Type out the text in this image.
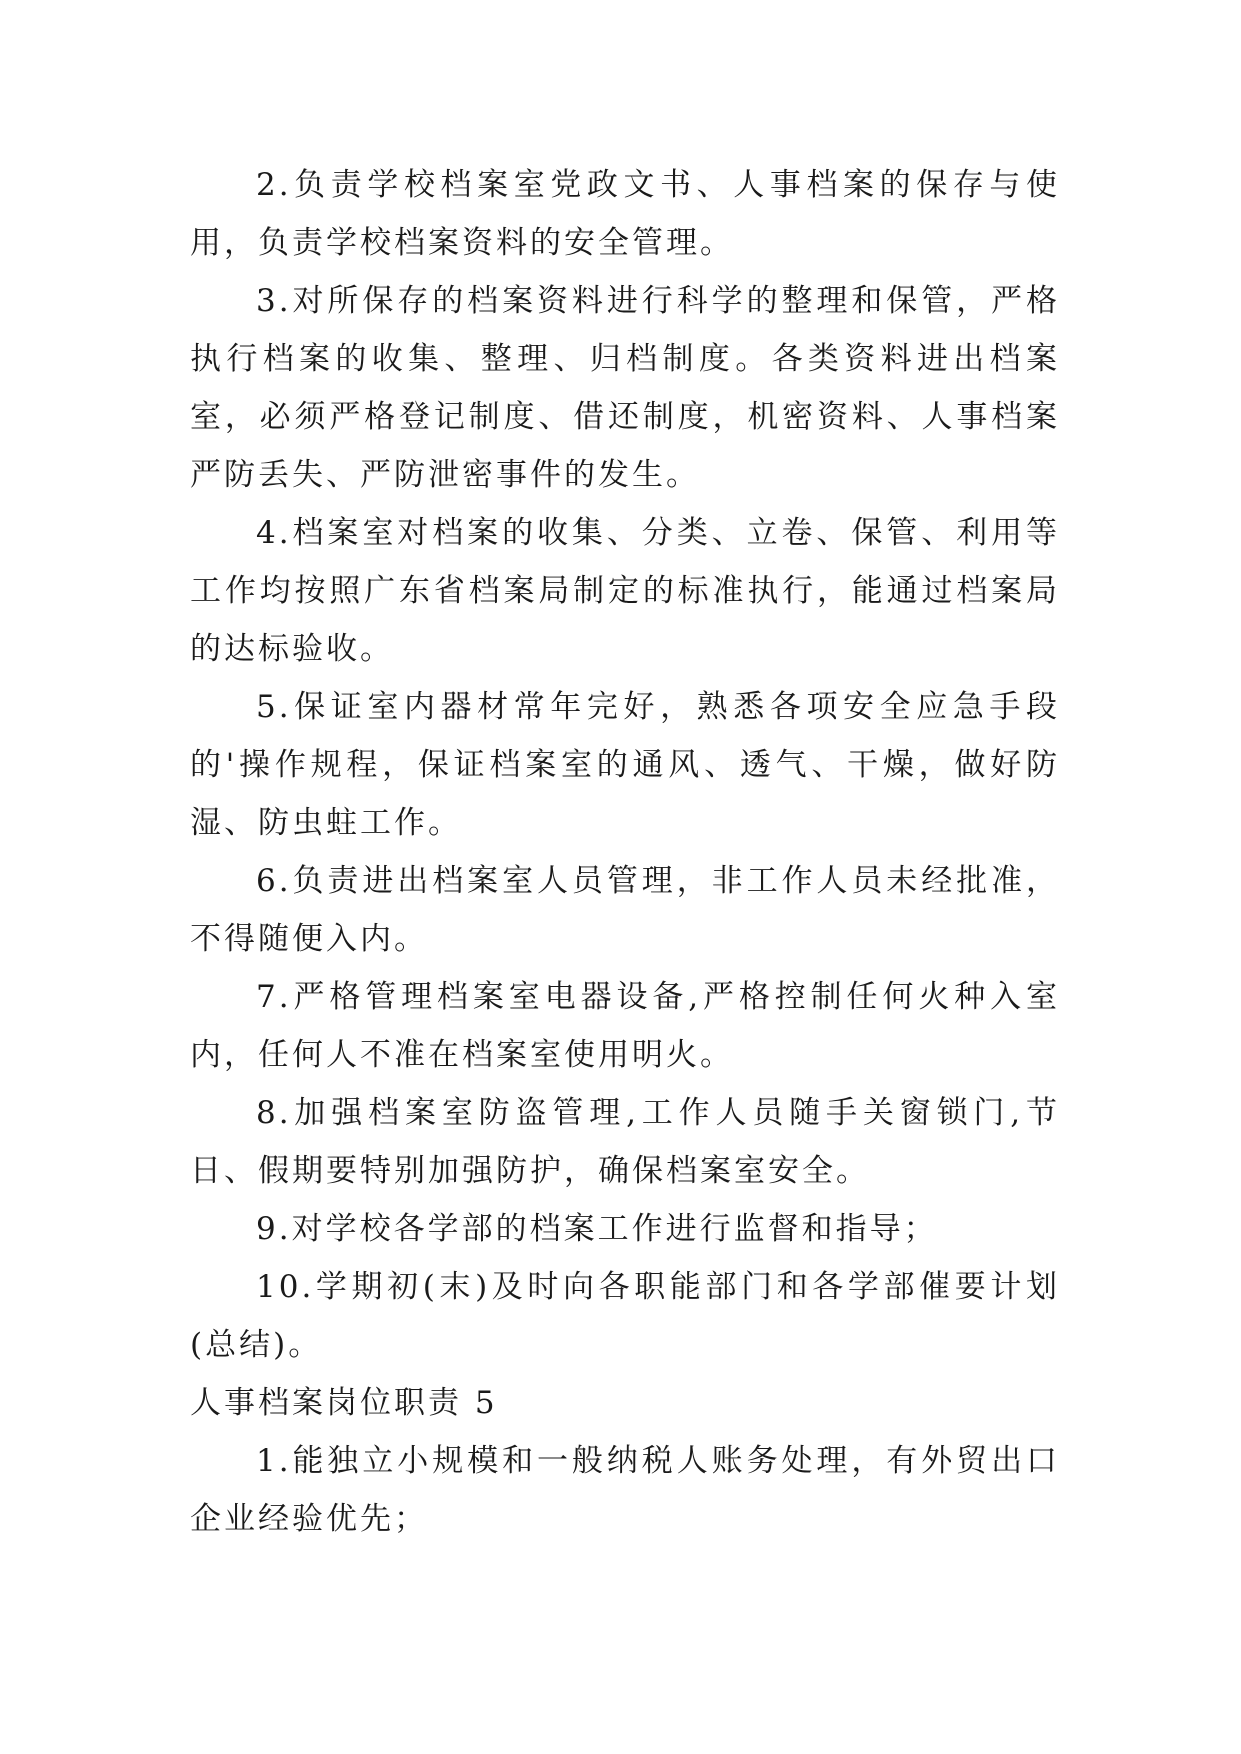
2.负责学校档案室党政文书、人事档案的保存与使用，负责学校档案资料的安全管理。

3.对所保存的档案资料进行科学的整理和保管，严格执行档案的收集、整理、归档制度。各类资料进出档案室，必须严格登记制度、借还制度，机密资料、人事档案严防丢失、严防泄密事件的发生。

4.档案室对档案的收集、分类、立卷、保管、利用等工作均按照广东省档案局制定的标准执行，能通过档案局的达标验收。

5.保证室内器材常年完好，熟悉各项安全应急手段的'操作规程，保证档案室的通风、透气、干燥，做好防湿、防虫蛀工作。

6.负责进出档案室人员管理，非工作人员未经批准，不得随便入内。

7.严格管理档案室电器设备,严格控制任何火种入室内，任何人不准在档案室使用明火。

8.加强档案室防盗管理,工作人员随手关窗锁门,节日、假期要特别加强防护，确保档案室安全。

9.对学校各学部的档案工作进行监督和指导；

10.学期初(末)及时向各职能部门和各学部催要计划(总结)。

人事档案岗位职责 5

1.能独立小规模和一般纳税人账务处理，有外贸出口企业经验优先；
